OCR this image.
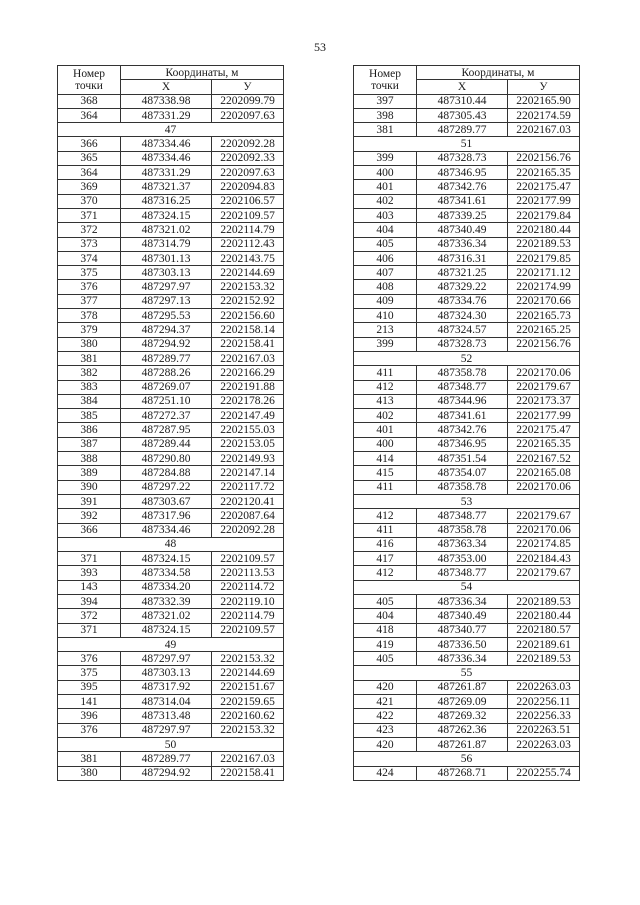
53
Номер
точки	Координаты, м	
	X	У
368	487338.98	2202099.79
364	487331.29	2202097.63
47		
366	487334.46	2202092.28
365	487334.46	2202092.33
364	487331.29	2202097.63
369	487321.37	2202094.83
370	487316.25	2202106.57
371	487324.15	2202109.57
372	487321.02	2202114.79
373	487314.79	2202112.43
374	487301.13	2202143.75
375	487303.13	2202144.69
376	487297.97	2202153.32
377	487297.13	2202152.92
378	487295.53	2202156.60
379	487294.37	2202158.14
380	487294.92	2202158.41
381	487289.77	2202167.03
382	487288.26	2202166.29
383	487269.07	2202191.88
384	487251.10	2202178.26
385	487272.37	2202147.49
386	487287.95	2202155.03
387	487289.44	2202153.05
388	487290.80	2202149.93
389	487284.88	2202147.14
390	487297.22	2202117.72
391	487303.67	2202120.41
392	487317.96	2202087.64
366	487334.46	2202092.28
48		
371	487324.15	2202109.57
393	487334.58	2202113.53
143	487334.20	2202114.72
394	487332.39	2202119.10
372	487321.02	2202114.79
371	487324.15	2202109.57
49		
376	487297.97	2202153.32
375	487303.13	2202144.69
395	487317.92	2202151.67
141	487314.04	2202159.65
396	487313.48	2202160.62
376	487297.97	2202153.32
50		
381	487289.77	2202167.03
380	487294.92	2202158.41
Номер
точки	Координаты, м	
	X	У
397	487310.44	2202165.90
398	487305.43	2202174.59
381	487289.77	2202167.03
51		
399	487328.73	2202156.76
400	487346.95	2202165.35
401	487342.76	2202175.47
402	487341.61	2202177.99
403	487339.25	2202179.84
404	487340.49	2202180.44
405	487336.34	2202189.53
406	487316.31	2202179.85
407	487321.25	2202171.12
408	487329.22	2202174.99
409	487334.76	2202170.66
410	487324.30	2202165.73
213	487324.57	2202165.25
399	487328.73	2202156.76
52		
411	487358.78	2202170.06
412	487348.77	2202179.67
413	487344.96	2202173.37
402	487341.61	2202177.99
401	487342.76	2202175.47
400	487346.95	2202165.35
414	487351.54	2202167.52
415	487354.07	2202165.08
411	487358.78	2202170.06
53		
412	487348.77	2202179.67
411	487358.78	2202170.06
416	487363.34	2202174.85
417	487353.00	2202184.43
412	487348.77	2202179.67
54		
405	487336.34	2202189.53
404	487340.49	2202180.44
418	487340.77	2202180.57
419	487336.50	2202189.61
405	487336.34	2202189.53
55		
420	487261.87	2202263.03
421	487269.09	2202256.11
422	487269.32	2202256.33
423	487262.36	2202263.51
420	487261.87	2202263.03
56		
424	487268.71	2202255.74
